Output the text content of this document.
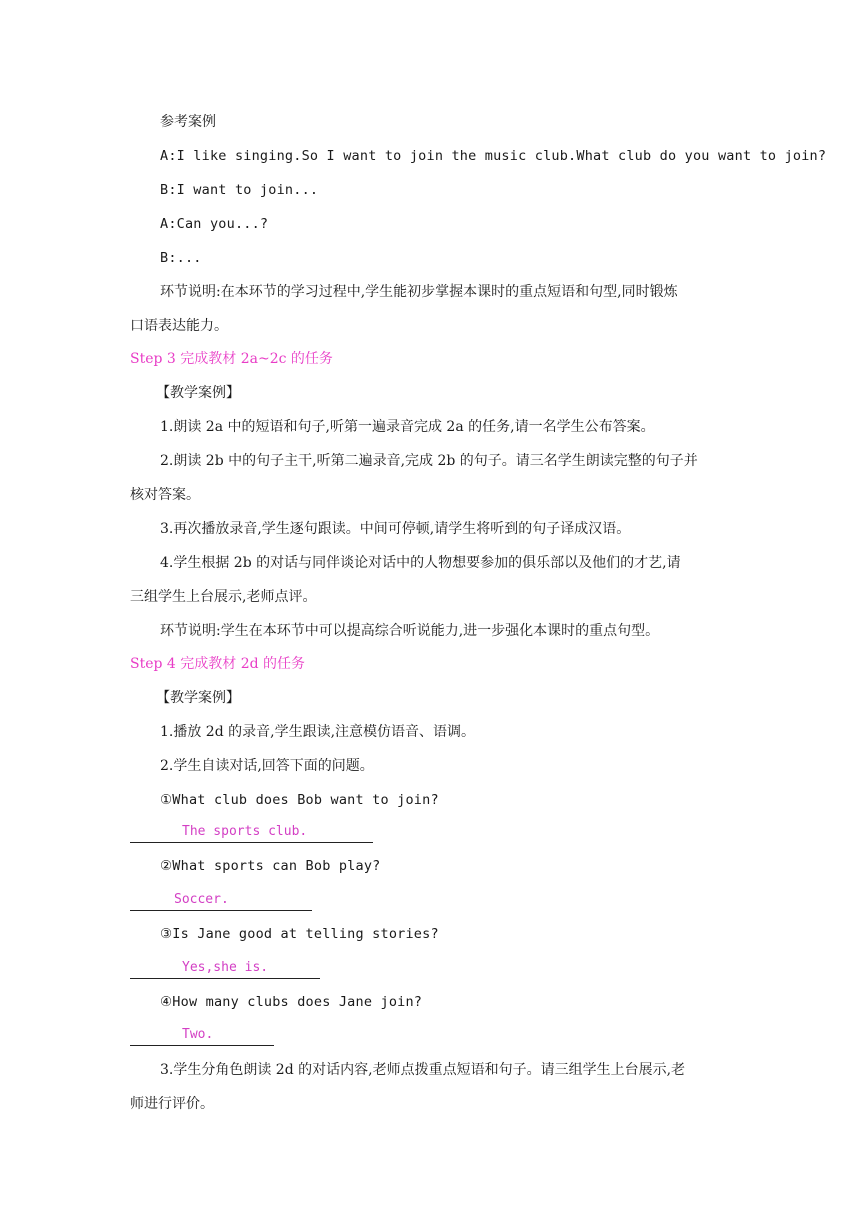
参考案例
A:I like singing.So I want to join the music club.What club do you want to join?
B:I want to join...
A:Can you...?
B:...
环节说明:在本环节的学习过程中,学生能初步掌握本课时的重点短语和句型,同时锻炼
口语表达能力。
Step 3 完成教材 2a~2c 的任务
【教学案例】
1.朗读 2a 中的短语和句子,听第一遍录音完成 2a 的任务,请一名学生公布答案。
2.朗读 2b 中的句子主干,听第二遍录音,完成 2b 的句子。请三名学生朗读完整的句子并
核对答案。
3.再次播放录音,学生逐句跟读。中间可停顿,请学生将听到的句子译成汉语。
4.学生根据 2b 的对话与同伴谈论对话中的人物想要参加的俱乐部以及他们的才艺,请
三组学生上台展示,老师点评。
环节说明:学生在本环节中可以提高综合听说能力,进一步强化本课时的重点句型。
Step 4 完成教材 2d 的任务
【教学案例】
1.播放 2d 的录音,学生跟读,注意模仿语音、语调。
2.学生自读对话,回答下面的问题。
①What club does Bob want to join?
The sports club.
②What sports can Bob play?
Soccer.
③Is Jane good at telling stories?
Yes,she is.
④How many clubs does Jane join?
Two.
3.学生分角色朗读 2d 的对话内容,老师点拨重点短语和句子。请三组学生上台展示,老
师进行评价。
